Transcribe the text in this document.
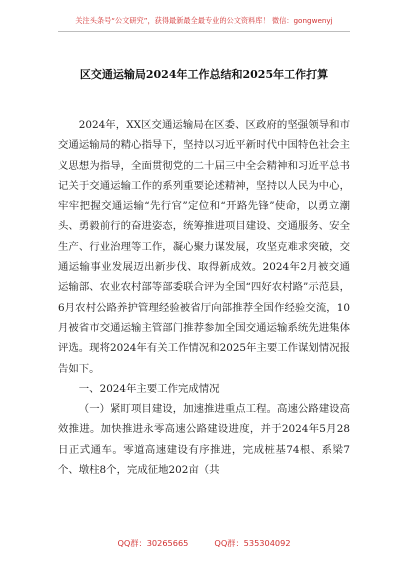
关注头条号“公文研究”，获得最新最全最专业的公文资料库！ 微信：gongwenyj
区交通运输局2024年工作总结和2025年工作打算

2024年，XX区交通运输局在区委、区政府的坚强领导和市交通运输局的精心指导下，坚持以习近平新时代中国特色社会主义思想为指导，全面贯彻党的二十届三中全会精神和习近平总书记关于交通运输工作的系列重要论述精神，坚持以人民为中心，牢牢把握交通运输“先行官”定位和“开路先锋”使命，以勇立潮头、勇毅前行的奋进姿态，统筹推进项目建设、交通服务、安全生产、行业治理等工作，凝心聚力谋发展，攻坚克难求突破，交通运输事业发展迈出新步伐、取得新成效。2024年2月被交通运输部、农业农村部等部委联合评为全国“四好农村路”示范县，6月农村公路养护管理经验被省厅向部推荐全国作经验交流，10月被省市交通运输主管部门推荐参加全国交通运输系统先进集体评选。现将2024年有关工作情况和2025年主要工作谋划情况报告如下。

一、2024年主要工作完成情况

（一）紧盯项目建设，加速推进重点工程。高速公路建设高效推进。加快推进永零高速公路建设进度，并于2024年5月28日正式通车。零道高速建设有序推进，完成桩基74根、系梁7个、墩柱8个，完成征地202亩（共

QQ群：30265665	QQ群：535304092
